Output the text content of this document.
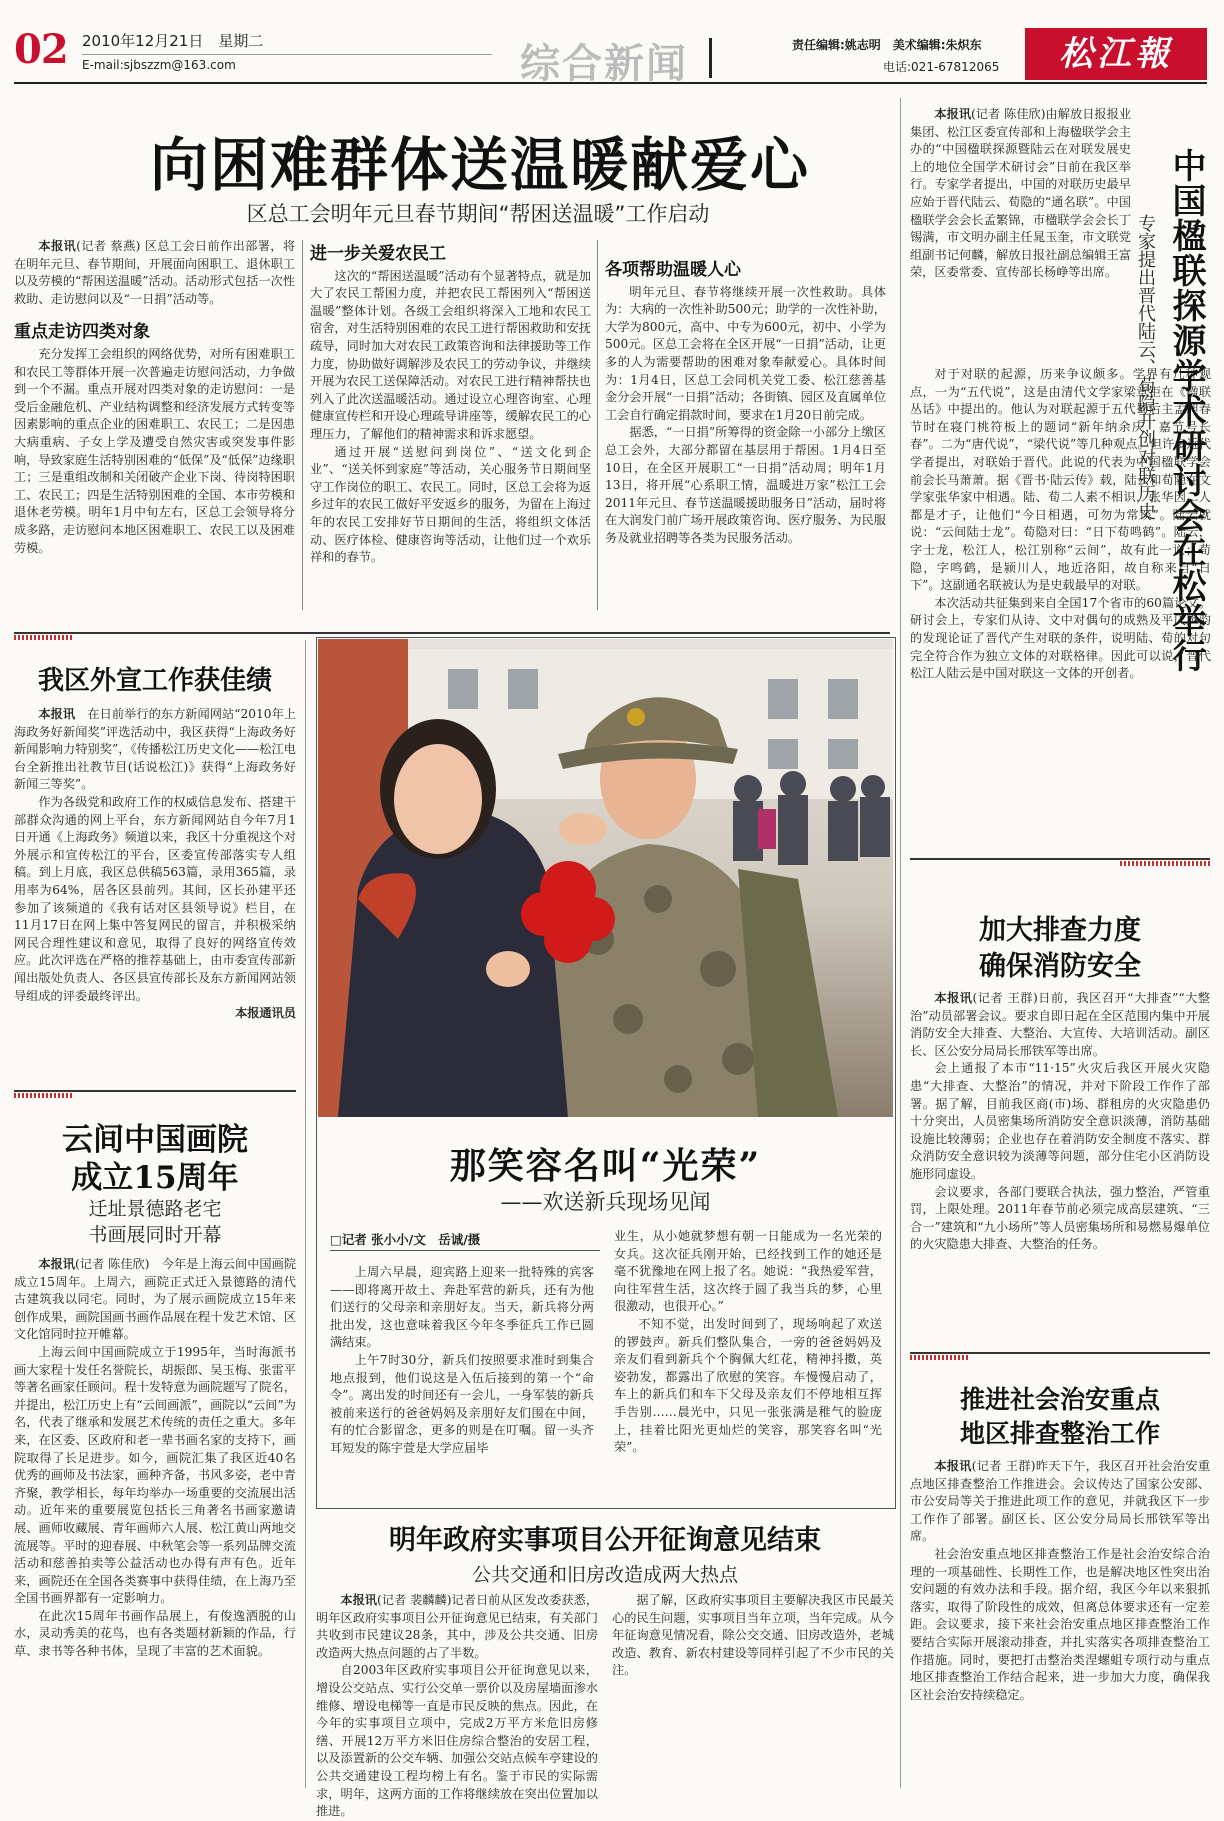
02 2010年12月21日　星期二
E-mail:sjbszzm@163.com	综合新闻	责任编辑:姚志明　美术编辑:朱炽东
电话:021-67812065	松江報
向困难群体送温暖献爱心
区总工会明年元旦春节期间“帮困送温暖”工作启动

本报讯(记者 蔡燕) 区总工会日前作出部署，将在明年元旦、春节期间，开展面向困职工、退休职工以及劳模的“帮困送温暖”活动。活动形式包括一次性救助、走访慰问以及“一日捐”活动等。

重点走访四类对象

充分发挥工会组织的网络优势，对所有困难职工和农民工等群体开展一次普遍走访慰问活动，力争做到一个不漏。重点开展对四类对象的走访慰问：一是受后金融危机、产业结构调整和经济发展方式转变等因素影响的重点企业的困难职工、农民工；二是因患大病重病、子女上学及遭受自然灾害或突发事件影响，导致家庭生活特别困难的“低保”及“低保”边缘职工；三是重组改制和关闭破产企业下岗、待岗特困职工、农民工；四是生活特别困难的全国、本市劳模和退休老劳模。明年1月中旬左右，区总工会领导将分成多路，走访慰问本地区困难职工、农民工以及困难劳模。

进一步关爱农民工

这次的“帮困送温暖”活动有个显著特点，就是加大了农民工帮困力度，并把农民工帮困列入“帮困送温暖”整体计划。各级工会组织将深入工地和农民工宿舍，对生活特别困难的农民工进行帮困救助和安抚疏导，同时加大对农民工政策咨询和法律援助等工作力度，协助做好调解涉及农民工的劳动争议，并继续开展为农民工送保障活动。对农民工进行精神帮扶也列入了此次送温暖活动。通过设立心理咨询室、心理健康宣传栏和开设心理疏导讲座等，缓解农民工的心理压力，了解他们的精神需求和诉求愿望。

通过开展“送慰问到岗位”、“送文化到企业”、“送关怀到家庭”等活动，关心服务节日期间坚守工作岗位的职工、农民工。同时，区总工会将为返乡过年的农民工做好平安返乡的服务，为留在上海过年的农民工安排好节日期间的生活，将组织文体活动、医疗体检、健康咨询等活动，让他们过一个欢乐祥和的春节。

各项帮助温暖人心

明年元旦、春节将继续开展一次性救助。具体为：大病的一次性补助500元；助学的一次性补助，大学为800元，高中、中专为600元，初中、小学为500元。区总工会将在全区开展“一日捐”活动，让更多的人为需要帮助的困难对象奉献爱心。具体时间为：1月4日，区总工会同机关党工委、松江慈善基金分会开展“一日捐”活动；各街镇、园区及直属单位工会自行确定捐款时间，要求在1月20日前完成。

据悉，“一日捐”所筹得的资金除一小部分上缴区总工会外，大部分都留在基层用于帮困。1月4日至10日，在全区开展职工“一日捐”活动周；明年1月13日，将开展“心系职工情，温暖进万家”松江工会2011年元旦、春节送温暖援助服务日”活动，届时将在大润发门前广场开展政策咨询、医疗服务、为民服务及就业招聘等各类为民服务活动。

本报讯(记者 陈佳欣)由解放日报报业集团、松江区委宣传部和上海楹联学会主办的“中国楹联探源暨陆云在对联发展史上的地位全国学术研讨会”日前在我区举行。专家学者提出，中国的对联历史最早应始于晋代陆云、荀隐的“通名联”。中国楹联学会会长孟繁锦，市楹联学会会长丁锡满，市文明办副主任晁玉奎，市文联党组副书记何麟，解放日报社副总编辑王富荣，区委常委、宣传部长杨峥等出席。

对于对联的起源，历来争议颇多。学界有几种观点，一为“五代说”，这是由清代文学家梁章钜在《楹联丛话》中提出的。他认为对联起源于五代蜀后主孟昶春节时在寝门桃符板上的题词“新年纳余庆，嘉节号长春”。二为“唐代说”，“梁代说”等几种观点。但许多近代学者提出，对联始于晋代。此说的代表为中国楹联学会前会长马萧萧。据《晋书·陆云传》载，陆云和荀隐在文学家张华家中相遇。陆、荀二人素不相识，张华因二人都是才子，让他们“今日相遇，可勿为常谈”。陆云就说：“云间陆士龙”。荀隐对曰：“日下荀鸣鹤”。陆云，字士龙，松江人，松江别称“云间”，故有此一说；荀隐，字鸣鹤，是颍川人，地近洛阳，故自称来自“日下”。这副通名联被认为是史载最早的对联。

本次活动共征集到来自全国17个省市的60篇论文。研讨会上，专家们从诗、文中对偶句的成熟及平仄声韵的发现论证了晋代产生对联的条件，说明陆、荀的对句完全符合作为独立文体的对联格律。因此可以说，晋代松江人陆云是中国对联这一文体的开创者。

中国楹联探源学术研讨会在松举行
专家提出晋代陆云、荀隐开创对联历史
我区外宣工作获佳绩

本报讯　 在日前举行的东方新闻网站“2010年上海政务好新闻奖”评选活动中，我区获得“上海政务好新闻影响力特别奖”，《传播松江历史文化——松江电台全新推出社教节目(话说松江)》获得“上海政务好新闻三等奖”。

作为各级党和政府工作的权威信息发布、搭建干部群众沟通的网上平台，东方新闻网站自今年7月1日开通《上海政务》频道以来，我区十分重视这个对外展示和宣传松江的平台，区委宣传部落实专人组稿。到上月底，我区总供稿563篇，录用365篇，录用率为64%，居各区县前列。其间，区长孙建平还参加了该频道的《我有话对区县领导说》栏目，在11月17日在网上集中答复网民的留言，并积极采纳网民合理性建议和意见，取得了良好的网络宣传效应。此次评选在严格的推荐基础上，由市委宣传部新闻出版处负责人、各区县宣传部长及东方新闻网站领导组成的评委最终评出。

本报通讯员
云间中国画院
成立15周年
迁址景德路老宅
书画展同时开幕

本报讯(记者 陈佳欣)　 今年是上海云间中国画院成立15周年。上周六，画院正式迁入景德路的清代古建筑我以同宅。同时，为了展示画院成立15年来创作成果，画院国画书画作品展在程十发艺术馆、区文化馆同时拉开帷幕。

上海云间中国画院成立于1995年，当时海派书画大家程十发任名誉院长，胡振郎、吴玉梅、张雷平等著名画家任顾问。程十发特意为画院题写了院名，并提出，松江历史上有“云间画派”，画院以“云间”为名，代表了继承和发展艺术传统的责任之重大。多年来，在区委、区政府和老一辈书画名家的支持下，画院取得了长足进步。如今，画院汇集了我区近40名优秀的画师及书法家，画种齐备，书风多姿，老中青齐聚，教学相长，每年均举办一场重要的交流展出活动。近年来的重要展览包括长三角著名书画家邀请展、画师收藏展、青年画师六人展、松江黄山两地交流展等。平时的迎春展、中秋笔会等一系列品牌交流活动和慈善拍卖等公益活动也办得有声有色。近年来，画院还在全国各类赛事中获得佳绩，在上海乃至全国书画界都有一定影响力。

在此次15周年书画作品展上，有俊逸洒脱的山水，灵动秀美的花鸟，也有各类题材新颖的作品，行草、隶书等各种书体，呈现了丰富的艺术面貌。

那笑容名叫“光荣”
——欢送新兵现场见闻
□记者 张小小/文　岳诚/摄

上周六早晨，迎宾路上迎来一批特殊的宾客——即将离开故土、奔赴军营的新兵，还有为他们送行的父母亲和亲朋好友。当天，新兵将分两批出发，这也意味着我区今年冬季征兵工作已圆满结束。

上午7时30分，新兵们按照要求准时到集合地点报到，他们说这是入伍后接到的第一个“命令”。离出发的时间还有一会儿，一身军装的新兵被前来送行的爸爸妈妈及亲朋好友们围在中间，有的忙合影留念，更多的则是在叮嘱。留一头齐耳短发的陈宇萱是大学应届毕

业生，从小她就梦想有朝一日能成为一名光荣的女兵。这次征兵刚开始，已经找到工作的她还是毫不犹豫地在网上报了名。她说：“我热爱军营，向往军营生活，这次终于圆了我当兵的梦，心里很激动，也很开心。”

不知不觉，出发时间到了，现场响起了欢送的锣鼓声。新兵们整队集合，一旁的爸爸妈妈及亲友们看到新兵个个胸佩大红花，精神抖擞，英姿勃发，都露出了欣慰的笑容。车慢慢启动了，车上的新兵们和车下父母及亲友们不停地相互挥手告别……晨光中，只见一张张满是稚气的脸庞上，挂着比阳光更灿烂的笑容，那笑容名叫“光荣”。

明年政府实事项目公开征询意见结束
公共交通和旧房改造成两大热点

本报讯(记者 裴麟麟)记者日前从区发改委获悉，明年区政府实事项目公开征询意见已结束，有关部门共收到市民建议28条，其中，涉及公共交通、旧房改造两大热点问题的占了半数。

自2003年区政府实事项目公开征询意见以来，增设公交站点、实行公交单一票价以及房屋墙面渗水维修、增设电梯等一直是市民反映的焦点。因此，在今年的实事项目立项中，完成2万平方米危旧房修缮、开展12万平方米旧住房综合整治的安居工程，以及添置新的公交车辆、加强公交站点候车亭建设的公共交通建设工程均榜上有名。鉴于市民的实际需求，明年，这两方面的工作将继续放在突出位置加以推进。

据了解，区政府实事项目主要解决我区市民最关心的民生问题，实事项目当年立项，当年完成。从今年征询意见情况看，除公交交通、旧房改造外，老城改造、教育、新农村建设等同样引起了不少市民的关注。

加大排查力度
确保消防安全

本报讯(记者 王群)日前，我区召开“大排查”“大整治”动员部署会议。要求自即日起在全区范围内集中开展消防安全大排查、大整治、大宣传、大培训活动。副区长、区公安分局局长邢铁军等出席。

会上通报了本市“11·15”火灾后我区开展火灾隐患“大排查、大整治”的情况，并对下阶段工作作了部署。据了解，目前我区商(市)场、群租房的火灾隐患仍十分突出，人员密集场所消防安全意识淡薄，消防基础设施比较薄弱；企业也存在着消防安全制度不落实、群众消防安全意识较为淡薄等问题，部分住宅小区消防设施形同虚设。

会议要求，各部门要联合执法，强力整治，严管重罚，上限处理。2011年春节前必须完成高层建筑、“三合一”建筑和“九小场所”等人员密集场所和易燃易爆单位的火灾隐患大排查、大整治的任务。

推进社会治安重点
地区排查整治工作

本报讯(记者 王群)昨天下午，我区召开社会治安重点地区排查整治工作推进会。会议传达了国家公安部、市公安局等关于推进此项工作的意见，并就我区下一步工作作了部署。副区长、区公安分局局长邢铁军等出席。

社会治安重点地区排查整治工作是社会治安综合治理的一项基础性、长期性工作，也是解决地区性突出治安问题的有效办法和手段。据介绍，我区今年以来狠抓落实，取得了阶段性的成效，但离总体要求还有一定差距。会议要求，接下来社会治安重点地区排查整治工作要结合实际开展滚动排查，并扎实落实各项排查整治工作措施。同时，要把打击整治类涅螺蛆专项行动与重点地区排查整治工作结合起来，进一步加大力度，确保我区社会治安持续稳定。
